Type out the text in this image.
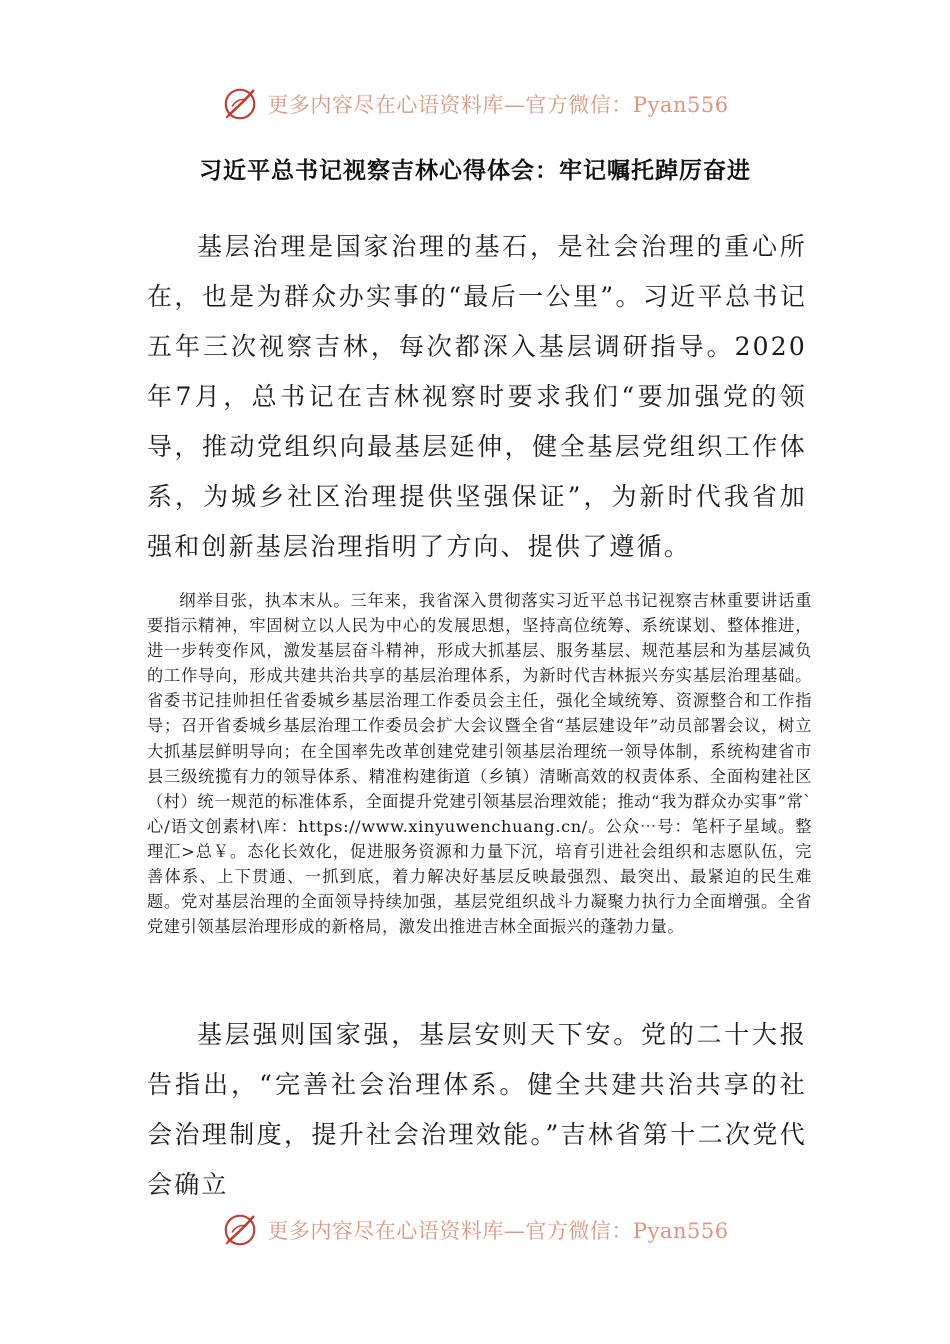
更多内容尽在心语资料库—官方微信：Pyan556
习近平总书记视察吉林心得体会：牢记嘱托踔厉奋进

基层治理是国家治理的基石，是社会治理的重心所在，也是为群众办实事的“最后一公里”。习近平总书记五年三次视察吉林，每次都深入基层调研指导。2020年7月，总书记在吉林视察时要求我们“要加强党的领导，推动党组织向最基层延伸，健全基层党组织工作体系，为城乡社区治理提供坚强保证”，为新时代我省加强和创新基层治理指明了方向、提供了遵循。

纲举目张，执本末从。三年来，我省深入贯彻落实习近平总书记视察吉林重要讲话重要指示精神，牢固树立以人民为中心的发展思想，坚持高位统筹、系统谋划、整体推进，进一步转变作风，激发基层奋斗精神，形成大抓基层、服务基层、规范基层和为基层减负的工作导向，形成共建共治共享的基层治理体系，为新时代吉林振兴夯实基层治理基础。省委书记挂帅担任省委城乡基层治理工作委员会主任，强化全域统筹、资源整合和工作指导；召开省委城乡基层治理工作委员会扩大会议暨全省“基层建设年”动员部署会议，树立大抓基层鲜明导向；在全国率先改革创建党建引领基层治理统一领导体制，系统构建省市县三级统揽有力的领导体系、精准构建街道（乡镇）清晰高效的权责体系、全面构建社区（村）统一规范的标准体系，全面提升党建引领基层治理效能；推动“我为群众办实事”常`心/语文创素材\库：https://www.xinyuwenchuang.cn/。公众⋯号：笔杆子星域。整理汇>总￥。态化长效化，促进服务资源和力量下沉，培育引进社会组织和志愿队伍，完善体系、上下贯通、一抓到底，着力解决好基层反映最强烈、最突出、最紧迫的民生难题。党对基层治理的全面领导持续加强，基层党组织战斗力凝聚力执行力全面增强。全省党建引领基层治理形成的新格局，激发出推进吉林全面振兴的蓬勃力量。

基层强则国家强，基层安则天下安。党的二十大报告指出，“完善社会治理体系。健全共建共治共享的社会治理制度，提升社会治理效能。”吉林省第十二次党代会确立

更多内容尽在心语资料库—官方微信：Pyan556
